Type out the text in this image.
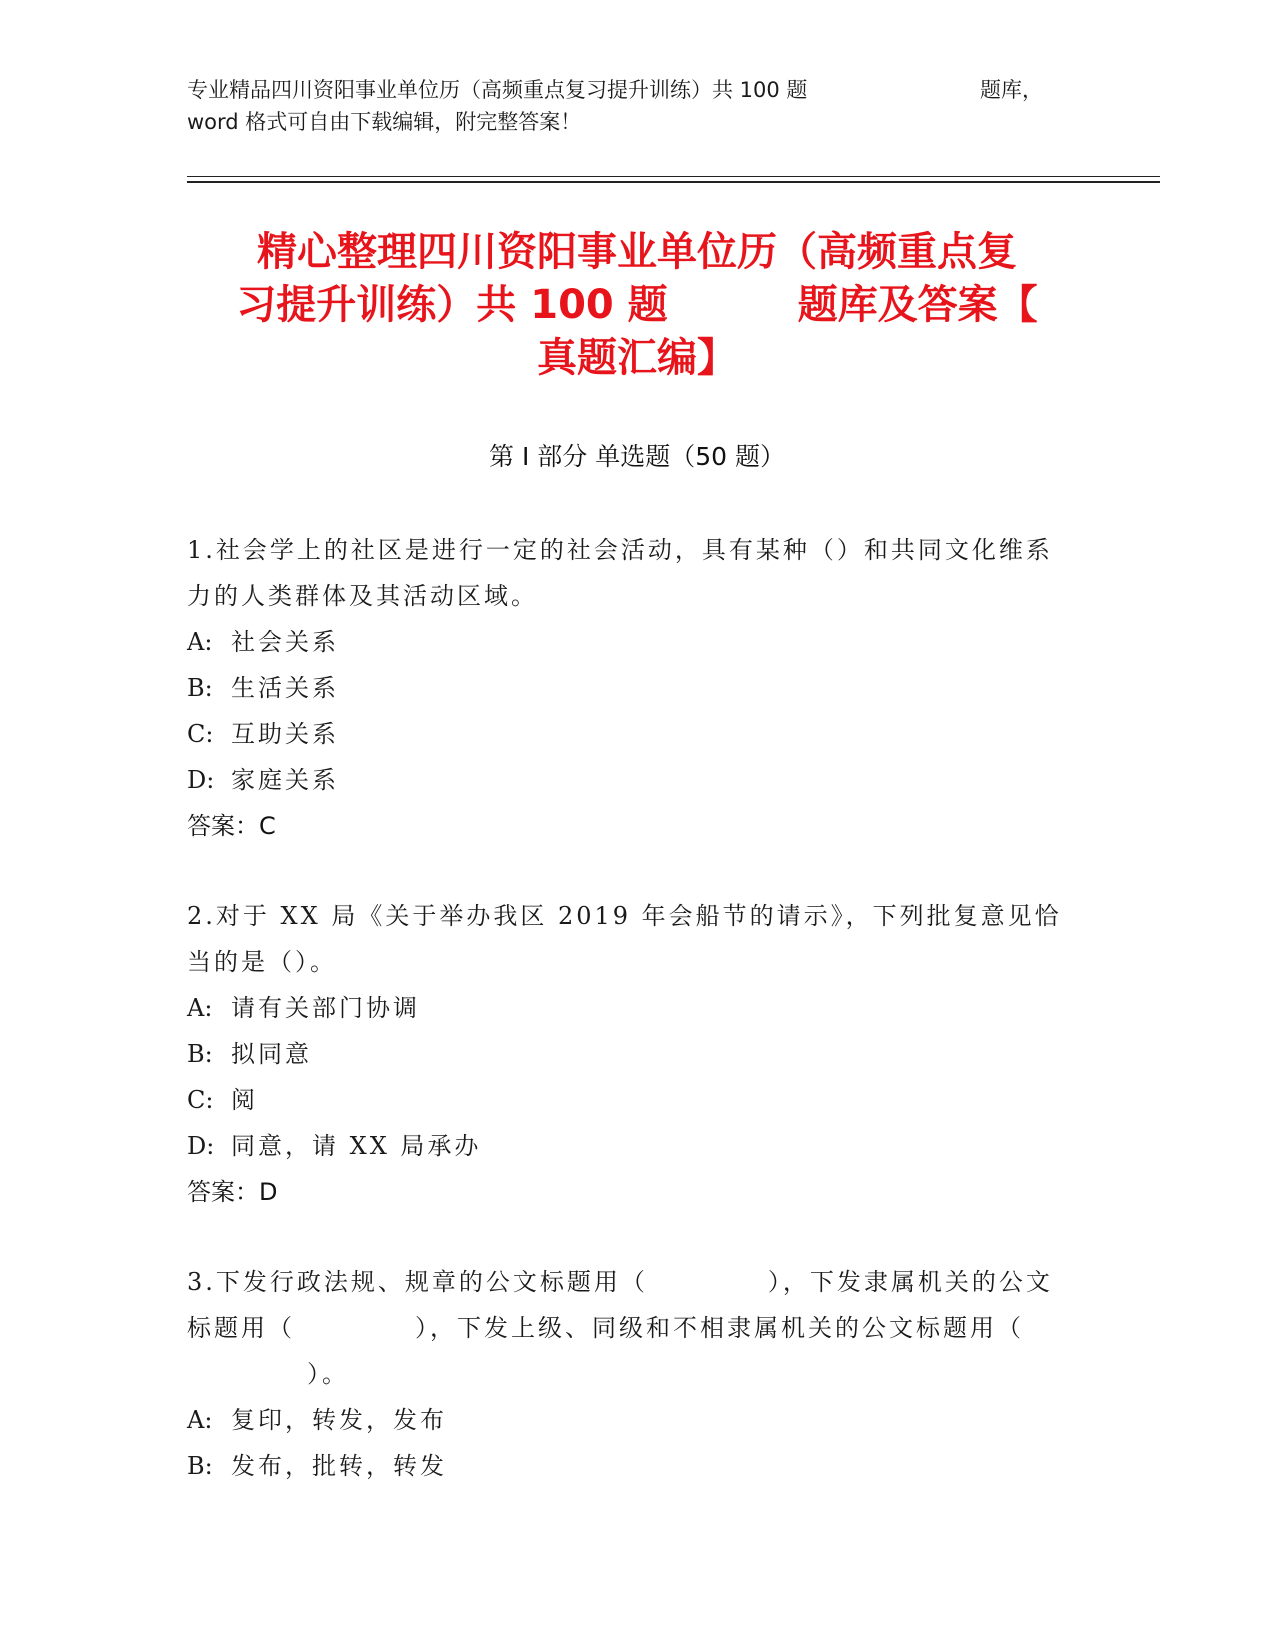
专业精品四川资阳事业单位历（高频重点复习提升训练）共 100 题	题库，
word 格式可自由下载编辑，附完整答案！
精心整理四川资阳事业单位历（高频重点复
习提升训练）共 100 题	题库及答案【
真题汇编】
第 I 部分 单选题（50 题）
1.社会学上的社区是进行一定的社会活动，具有某种（）和共同文化维系力的人类群体及其活动区域。
A: 社会关系
B: 生活关系
C: 互助关系
D: 家庭关系
答案：C
2.对于 XX 局《关于举办我区 2019 年会船节的请示》，下列批复意见恰当的是（）。
A: 请有关部门协调
B: 拟同意
C: 阅
D: 同意，请 XX 局承办
答案：D
3.下发行政法规、规章的公文标题用（	），下发隶属机关的公文标题用（	），下发上级、同级和不相隶属机关的公文标题用（）。
A: 复印，转发，发布
B: 发布，批转，转发
